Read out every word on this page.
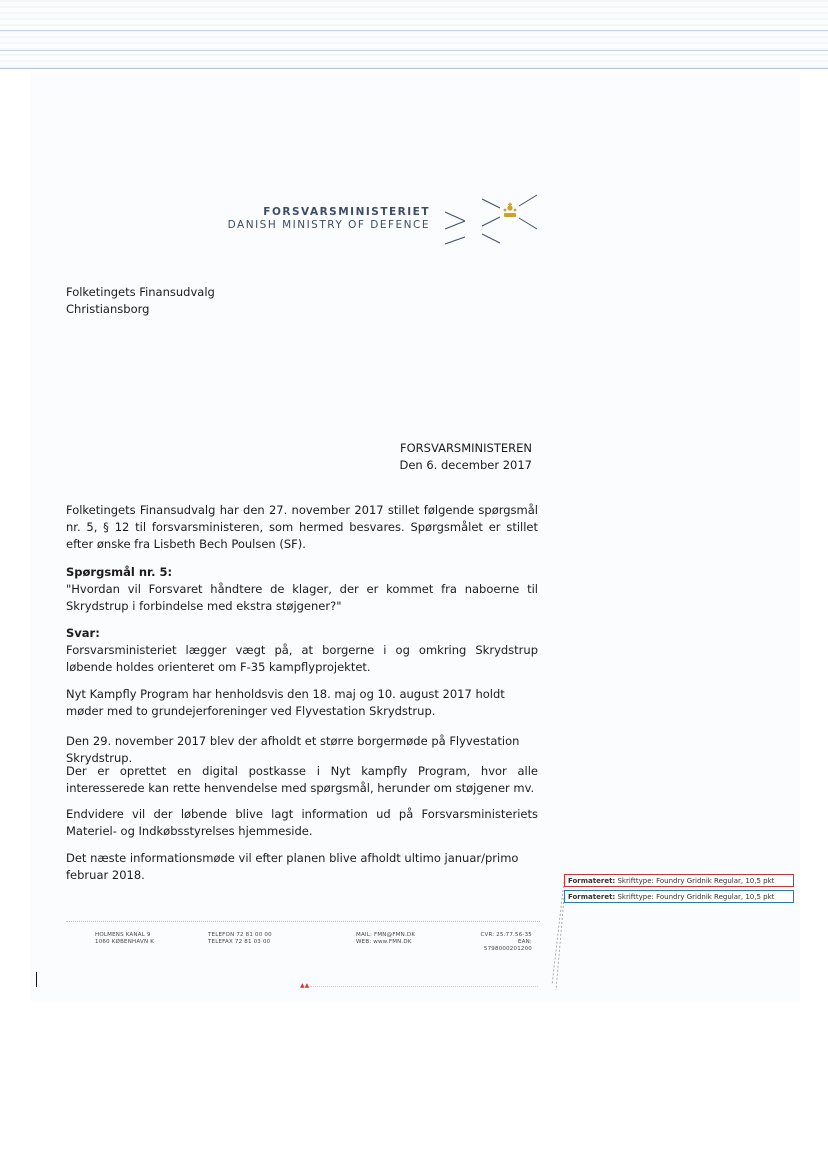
FORSVARSMINISTERIET
DANISH MINISTRY OF DEFENCE
Folketingets Finansudvalg
Christiansborg
FORSVARSMINISTEREN
Den 6. december 2017

Folketingets Finansudvalg har den 27. november 2017 stillet følgende spørgsmål nr. 5, § 12 til forsvarsministeren, som hermed besvares. Spørgsmålet er stillet efter ønske fra Lisbeth Bech Poulsen (SF).

Spørgsmål nr. 5:

"Hvordan vil Forsvaret håndtere de klager, der er kommet fra naboerne til Skrydstrup i forbindelse med ekstra støjgener?"

Svar:

Forsvarsministeriet lægger vægt på, at borgerne i og omkring Skrydstrup løbende holdes orienteret om F-35 kampflyprojektet.

Nyt Kampfly Program har henholdsvis den 18. maj og 10. august 2017 holdt møder med to grundejerforeninger ved Flyvestation Skrydstrup.

Den 29. november 2017 blev der afholdt et større borgermøde på Flyvestation Skrydstrup.

Der er oprettet en digital postkasse i Nyt kampfly Program, hvor alle interesserede kan rette henvendelse med spørgsmål, herunder om støjgener mv.

Endvidere vil der løbende blive lagt information ud på Forsvarsministeriets Materiel- og Indkøbsstyrelses hjemmeside.

Det næste informationsmøde vil efter planen blive afholdt ultimo januar/primo februar 2018.	Formateret: Skrifttype: Foundry Gridnik Regular, 10,5 pkt
Formateret: Skrifttype: Foundry Gridnik Regular, 10,5 pkt
HOLMENS KANAL 9
1060 KØBENHAVN K
TELEFON 72 81 00 00
TELEFAX 72 81 03 00
MAIL: FMN@FMN.DK
WEB: www.FMN.DK
CVR: 25.77.56-35
EAN: 5798000201200
▲▲
